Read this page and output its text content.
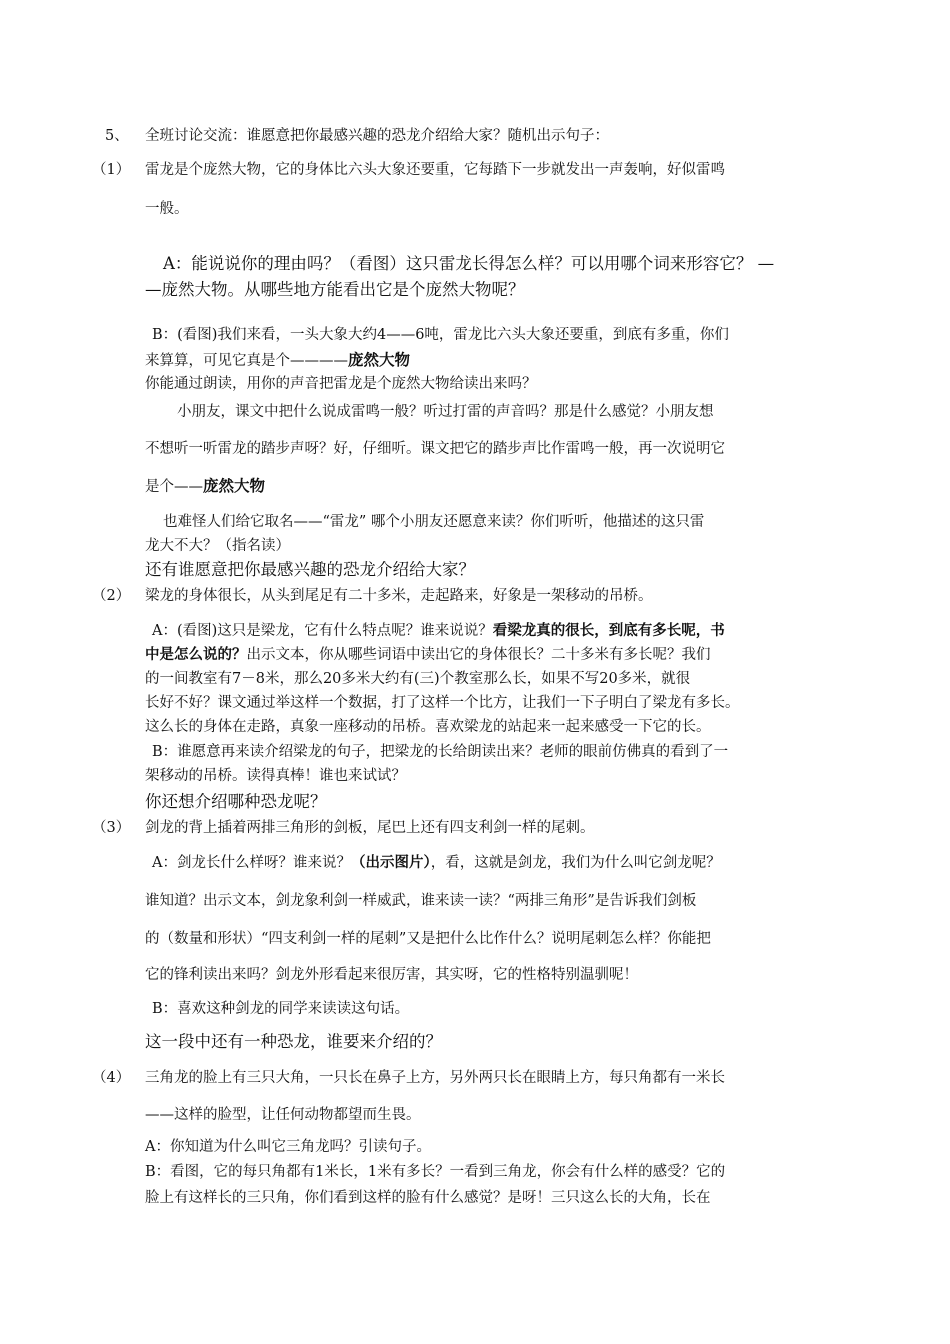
5、 全班讨论交流：谁愿意把你最感兴趣的恐龙介绍给大家？随机出示句子：
（1） 雷龙是个庞然大物，它的身体比六头大象还要重，它每踏下一步就发出一声轰响，好似雷鸣
一般。
A：能说说你的理由吗？（看图）这只雷龙长得怎么样？可以用哪个词来形容它？ —
—庞然大物。从哪些地方能看出它是个庞然大物呢？
B：(看图)我们来看，一头大象大约4——6吨，雷龙比六头大象还要重，到底有多重，你们
来算算，可见它真是个————庞然大物
你能通过朗读，用你的声音把雷龙是个庞然大物给读出来吗？
小朋友，课文中把什么说成雷鸣一般？听过打雷的声音吗？那是什么感觉？小朋友想
不想听一听雷龙的踏步声呀？好，仔细听。课文把它的踏步声比作雷鸣一般，再一次说明它
是个——庞然大物
也难怪人们给它取名——“雷龙” 哪个小朋友还愿意来读？你们听听，他描述的这只雷
龙大不大？（指名读）
还有谁愿意把你最感兴趣的恐龙介绍给大家？
（2） 梁龙的身体很长，从头到尾足有二十多米，走起路来，好象是一架移动的吊桥。
A：(看图)这只是梁龙，它有什么特点呢？谁来说说？看梁龙真的很长，到底有多长呢，书
中是怎么说的？出示文本，你从哪些词语中读出它的身体很长？二十多米有多长呢？我们
的一间教室有7－8米，那么20多米大约有(三)个教室那么长，如果不写20多米，就很
长好不好？课文通过举这样一个数据，打了这样一个比方，让我们一下子明白了梁龙有多长。
这么长的身体在走路，真象一座移动的吊桥。喜欢梁龙的站起来一起来感受一下它的长。
B：谁愿意再来读介绍梁龙的句子，把梁龙的长给朗读出来？老师的眼前仿佛真的看到了一
架移动的吊桥。读得真棒！谁也来试试？
你还想介绍哪种恐龙呢？
（3） 剑龙的背上插着两排三角形的剑板，尾巴上还有四支利剑一样的尾刺。
A：剑龙长什么样呀？谁来说？（出示图片），看，这就是剑龙，我们为什么叫它剑龙呢？
谁知道？出示文本，剑龙象利剑一样威武，谁来读一读？“两排三角形”是告诉我们剑板
的（数量和形状）“四支利剑一样的尾刺”又是把什么比作什么？说明尾刺怎么样？你能把
它的锋利读出来吗？剑龙外形看起来很厉害，其实呀，它的性格特别温驯呢！
B：喜欢这种剑龙的同学来读读这句话。
这一段中还有一种恐龙，谁要来介绍的？
（4） 三角龙的脸上有三只大角，一只长在鼻子上方，另外两只长在眼睛上方，每只角都有一米长
——这样的脸型，让任何动物都望而生畏。
A：你知道为什么叫它三角龙吗？引读句子。
B：看图，它的每只角都有1米长，1米有多长？一看到三角龙，你会有什么样的感受？它的
脸上有这样长的三只角，你们看到这样的脸有什么感觉？是呀！三只这么长的大角，长在
